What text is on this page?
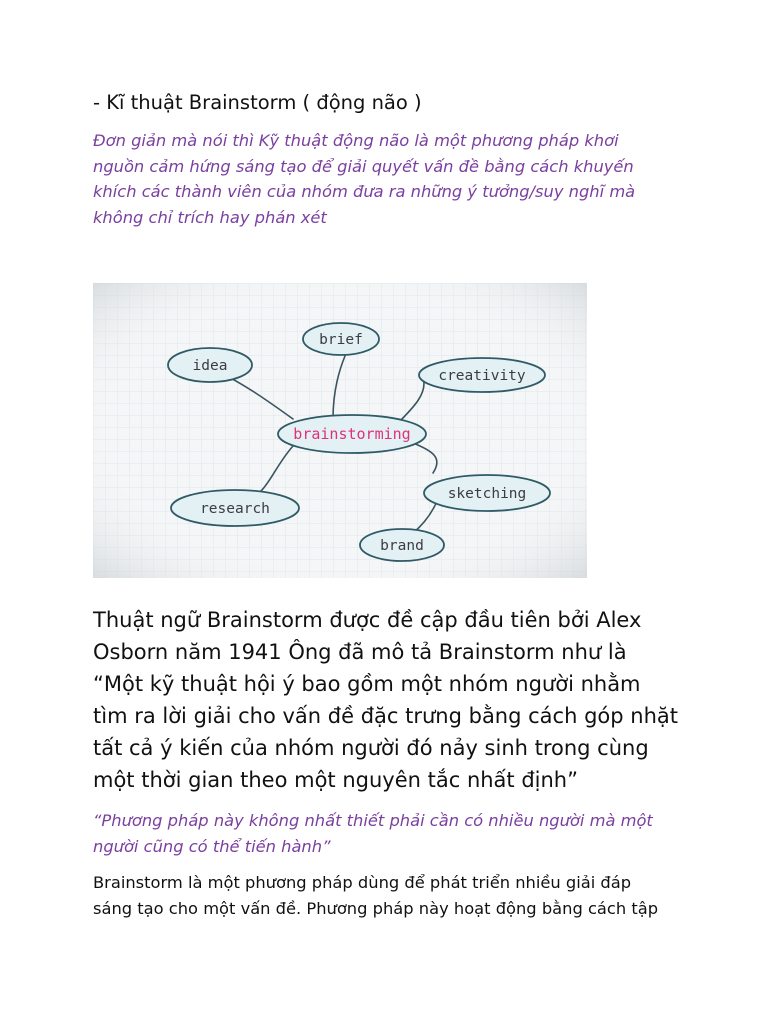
- Kĩ thuật Brainstorm ( động não )
Đơn giản mà nói thì Kỹ thuật động não là một phương pháp khơi
nguồn cảm hứng sáng tạo để giải quyết vấn đề bằng cách khuyến
khích các thành viên của nhóm đưa ra những ý tưởng/suy nghĩ mà
không chỉ trích hay phán xét
brief
idea
creativity
brainstorming
research
sketching
brand
Thuật ngữ Brainstorm được đề cập đầu tiên bởi Alex
Osborn năm 1941 Ông đã mô tả Brainstorm như là
“Một kỹ thuật hội ý bao gồm một nhóm người nhằm
tìm ra lời giải cho vấn đề đặc trưng bằng cách góp nhặt
tất cả ý kiến của nhóm người đó nảy sinh trong cùng
một thời gian theo một nguyên tắc nhất định”
“Phương pháp này không nhất thiết phải cần có nhiều người mà một
người cũng có thể tiến hành”
Brainstorm là một phương pháp dùng để phát triển nhiều giải đáp
sáng tạo cho một vấn đề. Phương pháp này hoạt động bằng cách tập
